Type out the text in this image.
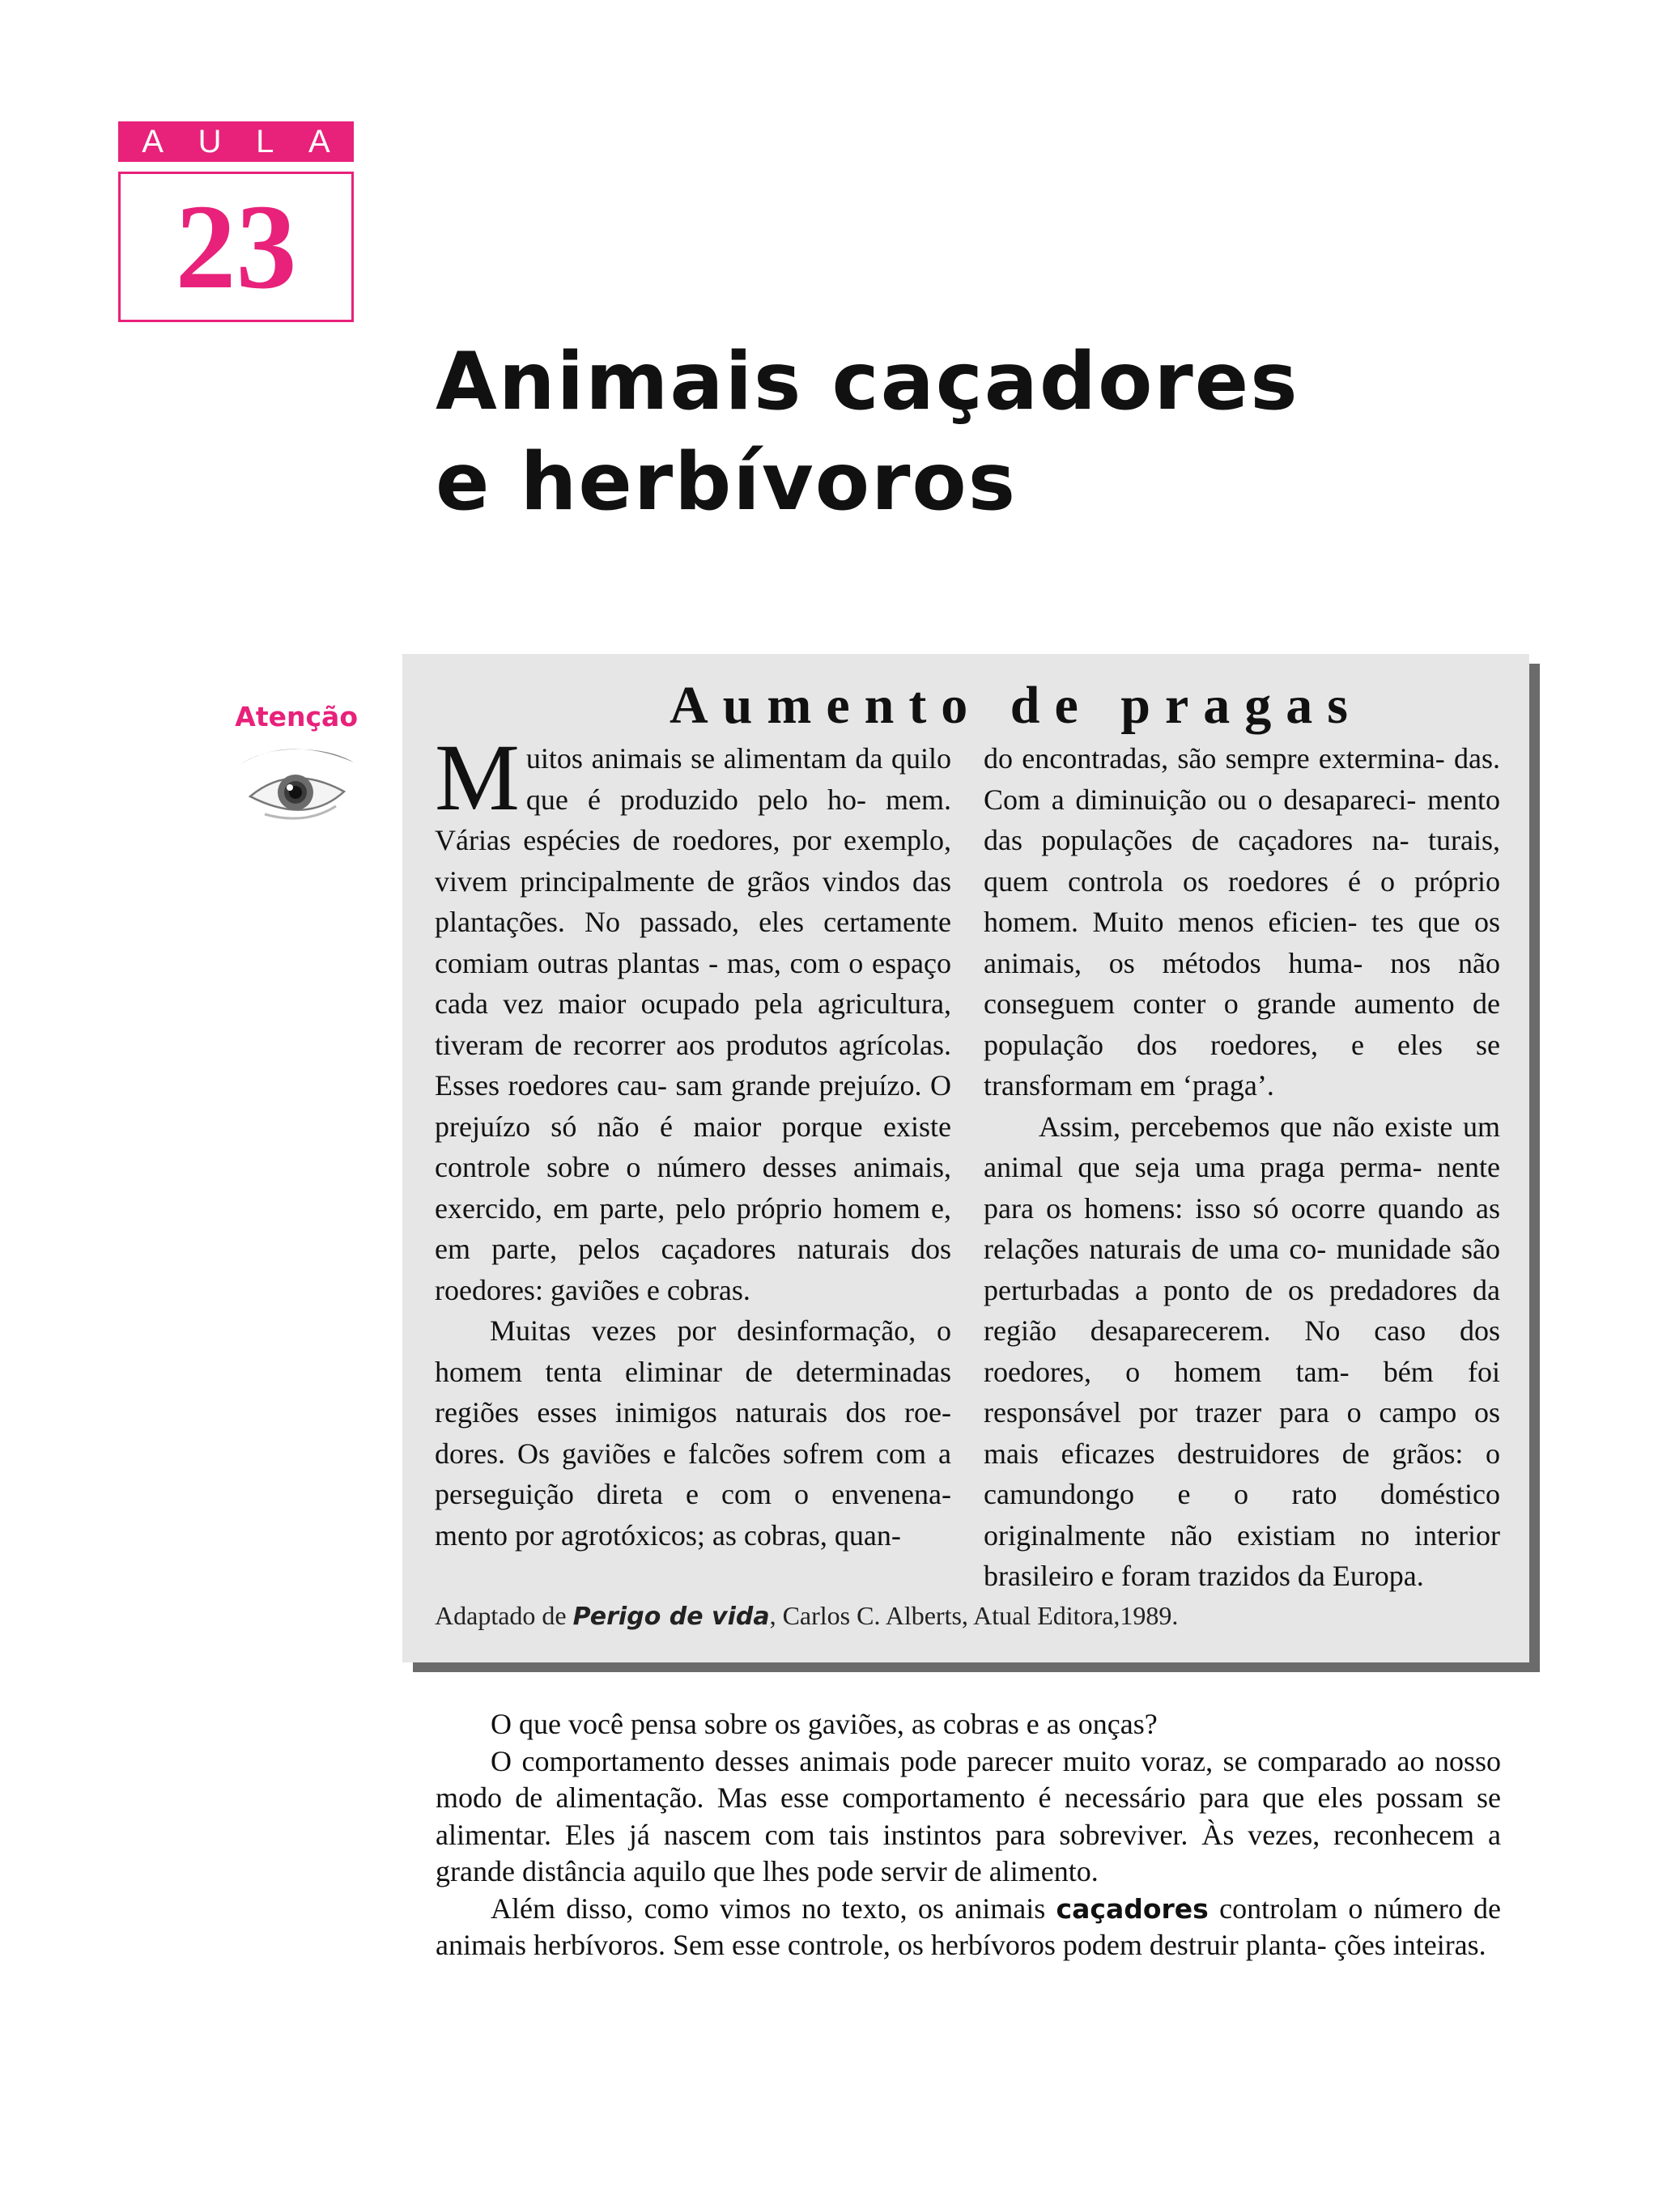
A U L A
23
Animais caçadores
e herbívoros
Atenção	Aumento de pragas

Muitos animais se alimentam da quilo que é produzido pelo ho- mem. Várias espécies de roedores, por exemplo, vivem principalmente de grãos vindos das plantações. No passado, eles certamente comiam outras plantas - mas, com o espaço cada vez maior ocupado pela agricultura, tiveram de recorrer aos produtos agrícolas. Esses roedores cau- sam grande prejuízo. O prejuízo só não é maior porque existe controle sobre o número desses animais, exercido, em parte, pelo próprio homem e, em parte, pelos caçadores naturais dos roedores: gaviões e cobras.

Muitas vezes por desinformação, o homem tenta eliminar de determinadas regiões esses inimigos naturais dos roe- dores. Os gaviões e falcões sofrem com a perseguição direta e com o envenena- mento por agrotóxicos; as cobras, quan-

do encontradas, são sempre extermina- das. Com a diminuição ou o desapareci- mento das populações de caçadores na- turais, quem controla os roedores é o próprio homem. Muito menos eficien- tes que os animais, os métodos huma- nos não conseguem conter o grande aumento de população dos roedores, e eles se transformam em ‘praga’.

Assim, percebemos que não existe um animal que seja uma praga perma- nente para os homens: isso só ocorre quando as relações naturais de uma co- munidade são perturbadas a ponto de os predadores da região desaparecerem. No caso dos roedores, o homem tam- bém foi responsável por trazer para o campo os mais eficazes destruidores de grãos: o camundongo e o rato doméstico originalmente não existiam no interior brasileiro e foram trazidos da Europa.

Adaptado de Perigo de vida, Carlos C. Alberts, Atual Editora,1989.

O que você pensa sobre os gaviões, as cobras e as onças?

O comportamento desses animais pode parecer muito voraz, se comparado ao nosso modo de alimentação. Mas esse comportamento é necessário para que eles possam se alimentar. Eles já nascem com tais instintos para sobreviver. Às vezes, reconhecem a grande distância aquilo que lhes pode servir de alimento.

Além disso, como vimos no texto, os animais caçadores controlam o número de animais herbívoros. Sem esse controle, os herbívoros podem destruir planta- ções inteiras.
